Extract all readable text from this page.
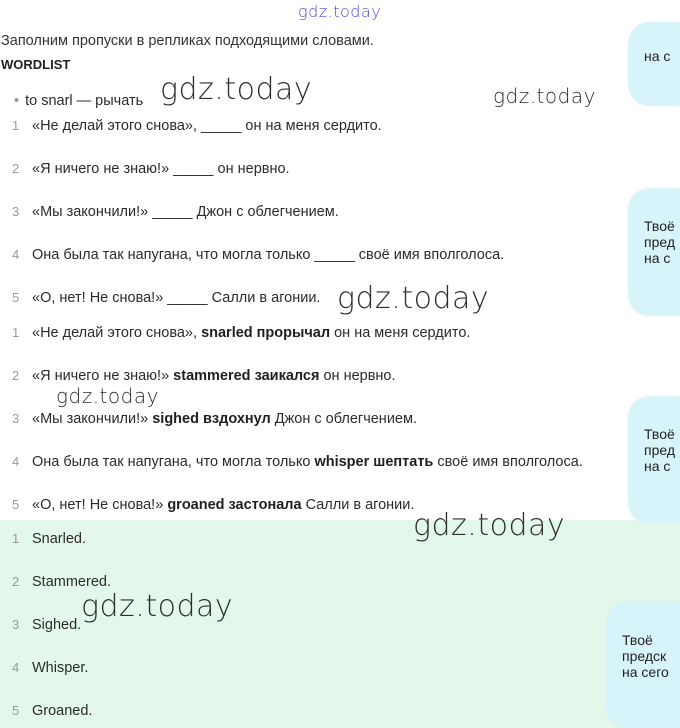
gdz.today
Заполним пропуски в репликах подходящими словами.
WORDLIST
• to snarl — рычать
1 «Не делай этого снова», _____ он на меня сердито.
2 «Я ничего не знаю!» _____ он нервно.
3 «Мы закончили!» _____ Джон с облегчением.
4 Она была так напугана, что могла только _____ своё имя вполголоса.
5 «О, нет! Не снова!» _____ Салли в агонии.
1 «Не делай этого снова», snarled прорычал он на меня сердито.
2 «Я ничего не знаю!» stammered заикался он нервно.
3 «Мы закончили!» sighed вздохнул Джон с облегчением.
4 Она была так напугана, что могла только whisper шептать своё имя вполголоса.
5 «О, нет! Не снова!» groaned застонала Салли в агонии.
1 Snarled.
2 Stammered.
3 Sighed.
4 Whisper.
5 Groaned.
на с
Твоё
пред
на с
Твоё
пред
на с
Твоё
предск
на сего
gdz.today	gdz.today
gdz.today
gdz.today
gdz.today
gdz.today
